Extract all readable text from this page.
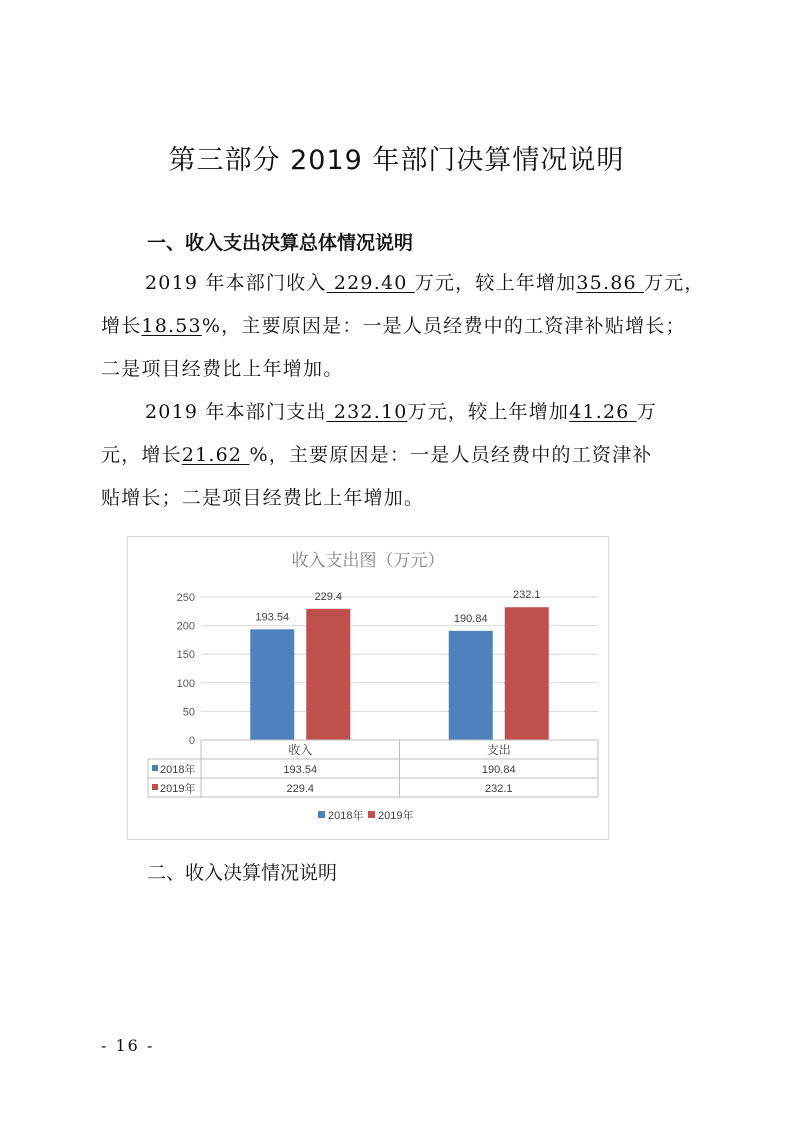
第三部分 2019 年部门决算情况说明
一、收入支出决算总体情况说明
2019 年本部门收入 229.40 万元，较上年增加35.86 万元，
增长18.53%，主要原因是：一是人员经费中的工资津补贴增长；
二是项目经费比上年增加。
2019 年本部门支出 232.10万元，较上年增加41.26 万
元，增长21.62 %，主要原因是：一是人员经费中的工资津补
贴增长；二是项目经费比上年增加。
收入支出图（万元）
0
50
100
150
200
250
193.54
229.4
190.84
232.1
收入	支出
2018年	193.54	190.84
2019年	229.4	232.1
2018年 2019年
二、收入决算情况说明
- 16 -
